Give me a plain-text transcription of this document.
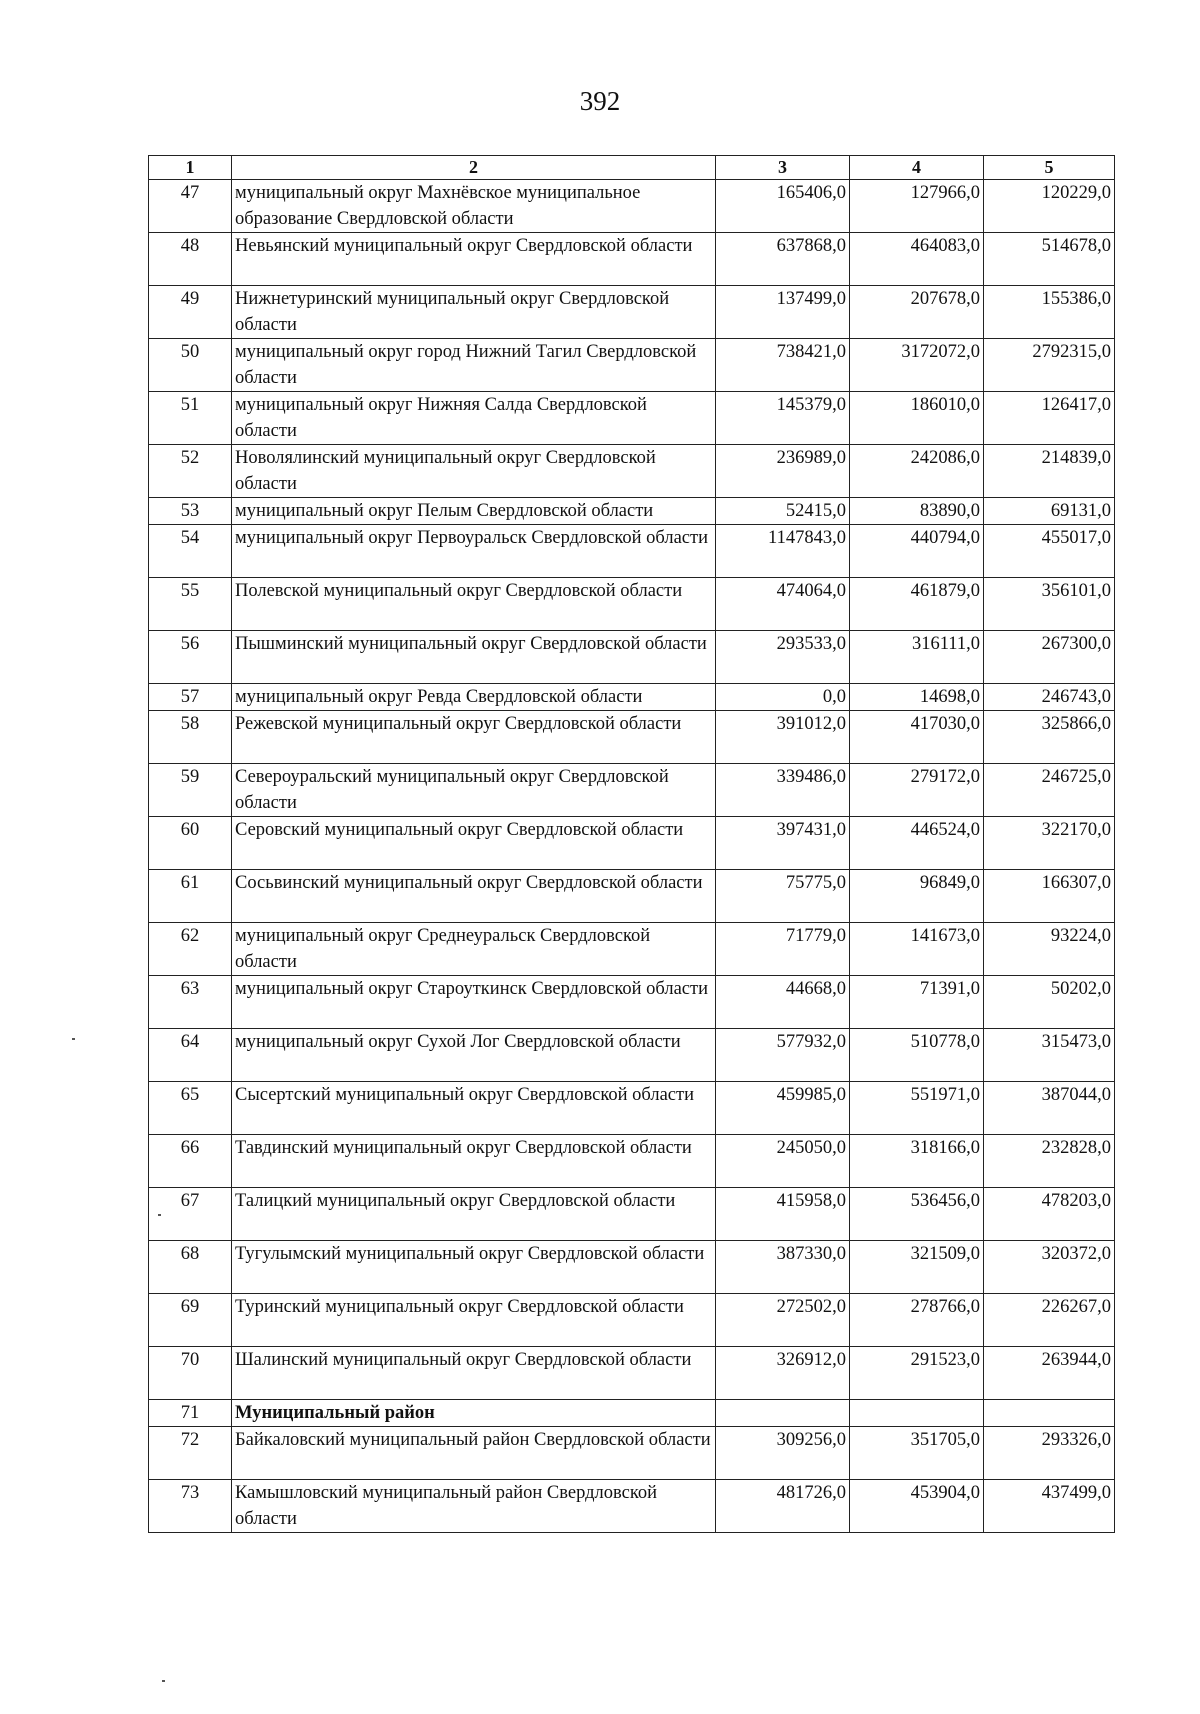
392
1	2	3	4	5
47	муниципальный округ Махнёвское муниципальное образование Свердловской области	165406,0	127966,0	120229,0
48	Невьянский муниципальный округ Свердловской области	637868,0	464083,0	514678,0
49	Нижнетуринский муниципальный округ Свердловской области	137499,0	207678,0	155386,0
50	муниципальный округ город Нижний Тагил Свердловской области	738421,0	3172072,0	2792315,0
51	муниципальный округ Нижняя Салда Свердловской области	145379,0	186010,0	126417,0
52	Новолялинский муниципальный округ Свердловской области	236989,0	242086,0	214839,0
53	муниципальный округ Пелым Свердловской области	52415,0	83890,0	69131,0
54	муниципальный округ Первоуральск Свердловской области	1147843,0	440794,0	455017,0
55	Полевской муниципальный округ Свердловской области	474064,0	461879,0	356101,0
56	Пышминский муниципальный округ Свердловской области	293533,0	316111,0	267300,0
57	муниципальный округ Ревда Свердловской области	0,0	14698,0	246743,0
58	Режевской муниципальный округ Свердловской области	391012,0	417030,0	325866,0
59	Североуральский муниципальный округ Свердловской области	339486,0	279172,0	246725,0
60	Серовский муниципальный округ Свердловской области	397431,0	446524,0	322170,0
61	Сосьвинский муниципальный округ Свердловской области	75775,0	96849,0	166307,0
62	муниципальный округ Среднеуральск Свердловской области	71779,0	141673,0	93224,0
63	муниципальный округ Староуткинск Свердловской области	44668,0	71391,0	50202,0
64	муниципальный округ Сухой Лог Свердловской области	577932,0	510778,0	315473,0
65	Сысертский муниципальный округ Свердловской области	459985,0	551971,0	387044,0
66	Тавдинский муниципальный округ Свердловской области	245050,0	318166,0	232828,0
67	Талицкий муниципальный округ Свердловской области	415958,0	536456,0	478203,0
68	Тугулымский муниципальный округ Свердловской области	387330,0	321509,0	320372,0
69	Туринский муниципальный округ Свердловской области	272502,0	278766,0	226267,0
70	Шалинский муниципальный округ Свердловской области	326912,0	291523,0	263944,0
71	Муниципальный район			
72	Байкаловский муниципальный район Свердловской области	309256,0	351705,0	293326,0
73	Камышловский муниципальный район Свердловской области	481726,0	453904,0	437499,0
